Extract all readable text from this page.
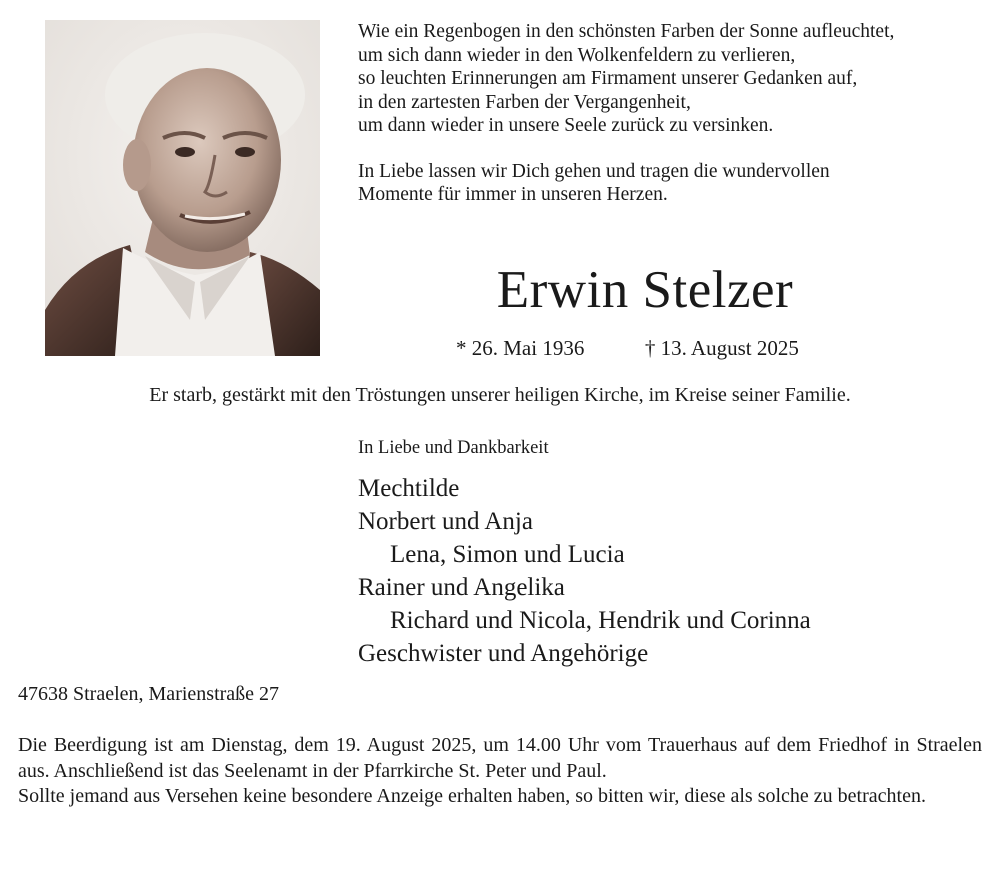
Wie ein Regenbogen in den schönsten Farben der Sonne aufleuchtet,
um sich dann wieder in den Wolkenfeldern zu verlieren,
so leuchten Erinnerungen am Firmament unserer Gedanken auf,
in den zartesten Farben der Vergangenheit,
um dann wieder in unsere Seele zurück zu versinken.
In Liebe lassen wir Dich gehen und tragen die wundervollen
Momente für immer in unseren Herzen.
Erwin Stelzer
* 26. Mai 1936	† 13. August 2025
Er starb, gestärkt mit den Tröstungen unserer heiligen Kirche, im Kreise seiner Familie.
In Liebe und Dankbarkeit
Mechtilde
Norbert und Anja
Lena, Simon und Lucia
Rainer und Angelika
Richard und Nicola, Hendrik und Corinna
Geschwister und Angehörige
47638 Straelen, Marienstraße 27
Die Beerdigung ist am Dienstag, dem 19. August 2025, um 14.00 Uhr vom Trauerhaus auf dem Friedhof in Straelen aus. Anschließend ist das Seelenamt in der Pfarrkirche St. Peter und Paul.
Sollte jemand aus Versehen keine besondere Anzeige erhalten haben, so bitten wir, diese als solche zu betrachten.
